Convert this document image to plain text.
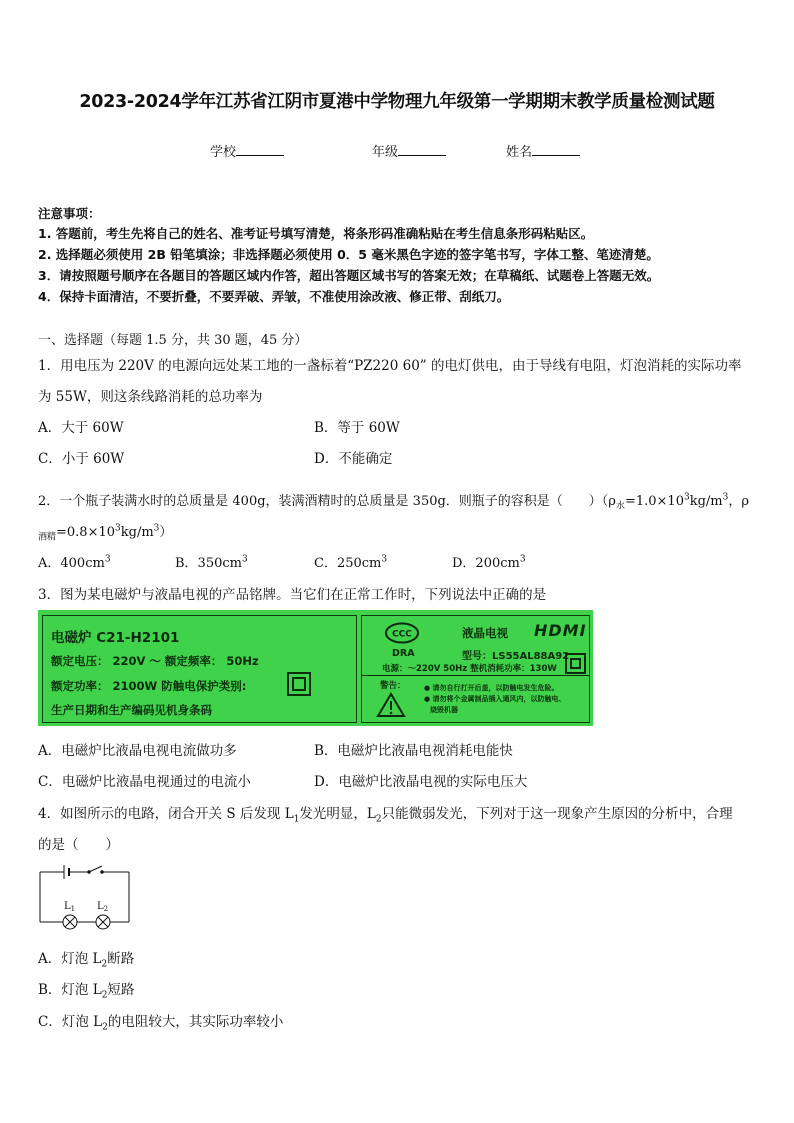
2023-2024学年江苏省江阴市夏港中学物理九年级第一学期期末教学质量检测试题
学校	年级	姓名
注意事项：
1. 答题前，考生先将自己的姓名、准考证号填写清楚，将条形码准确粘贴在考生信息条形码粘贴区。
2. 选择题必须使用 2B 铅笔填涂；非选择题必须使用 0．5 毫米黑色字迹的签字笔书写，字体工整、笔迹清楚。
3．请按照题号顺序在各题目的答题区域内作答，超出答题区域书写的答案无效；在草稿纸、试题卷上答题无效。
4．保持卡面清洁，不要折叠，不要弄破、弄皱，不准使用涂改液、修正带、刮纸刀。
一、选择题（每题 1.5 分，共 30 题，45 分）
1．用电压为 220V 的电源向远处某工地的一盏标着“PZ220 60” 的电灯供电，由于导线有电阻，灯泡消耗的实际功率
为 55W，则这条线路消耗的总功率为
A．大于 60W	B．等于 60W
C．小于 60W	D．不能确定
2．一个瓶子装满水时的总质量是 400g，装满酒精时的总质量是 350g．则瓶子的容积是（　　）（$\rho_水=1.0\times 10^3kg/m^3$，ρ
$_{酒精}=0.8\times 10^3kg/m^3$）
A．$400cm^3$	B．$350cm^3$	C．$250cm^3$	D．$200cm^3$
3．图为某电磁炉与液晶电视的产品铭牌。当它们在正常工作时，下列说法中正确的是
电磁炉 C21-H2101
额定电压： 220V ～ 额定频率： 50Hz
额定功率： 2100W 防触电保护类别:
生产日期和生产编码见机身条码
CCC	液晶电视 HDMI
DRA	型号：LS55AL88A92
电源：～220V 50Hz 整机消耗功率：130W
警告：	● 请勿自行打开后盖，以防触电发生危险。
● 请勿将个金属制品插入通风内，以防触电、
烧毁机器
A．电磁炉比液晶电视电流做功多	B．电磁炉比液晶电视消耗电能快
C．电磁炉比液晶电视通过的电流小	D．电磁炉比液晶电视的实际电压大
4．如图所示的电路，闭合开关 S 后发现 $L_1$发光明显，$L_2$只能微弱发光，下列对于这一现象产生原因的分析中，合理
的是（　　）
$L_1$ $L_2$
A．灯泡 $L_2$断路
B．灯泡 $L_2$短路
C．灯泡 $L_2$的电阻较大，其实际功率较小
